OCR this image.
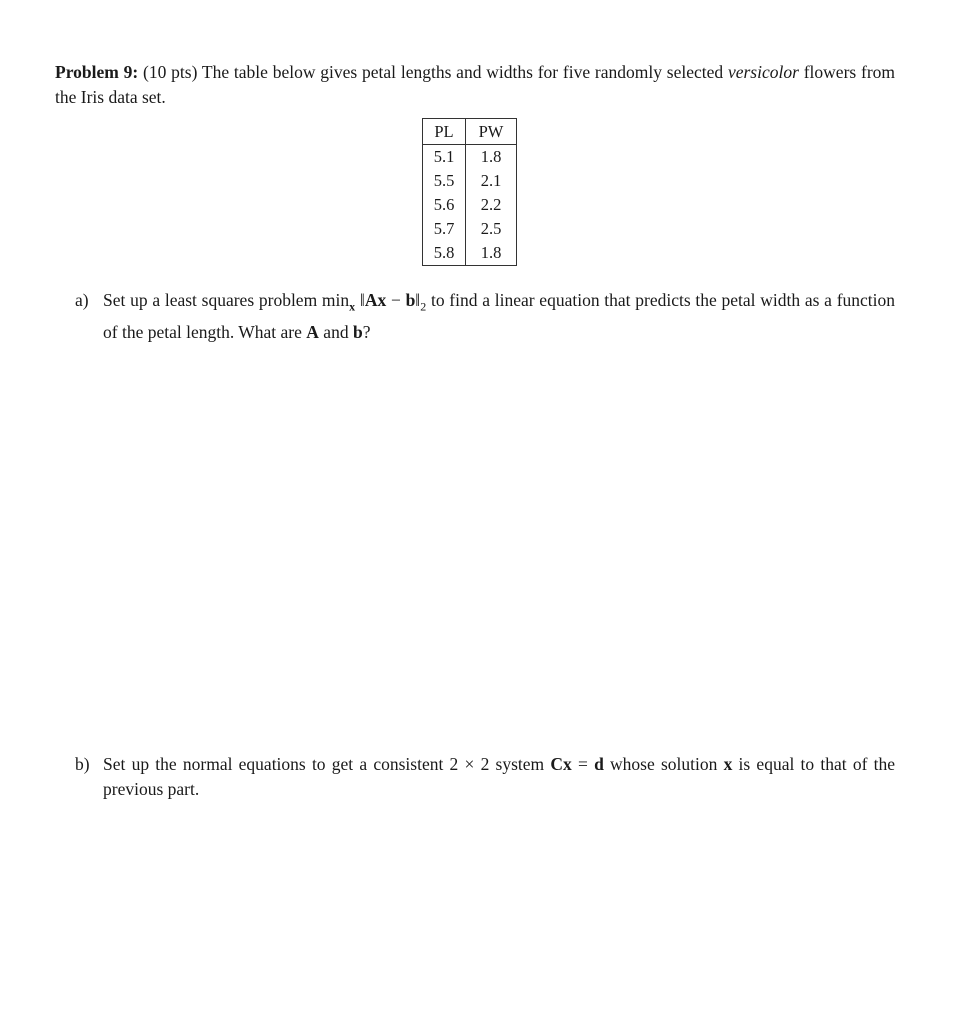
Problem 9: (10 pts) The table below gives petal lengths and widths for five randomly selected versicolor flowers from the Iris data set.
PL	PW
5.1	1.8
5.5	2.1
5.6	2.2
5.7	2.5
5.8	1.8
a) Set up a least squares problem $\min_x$ ‖Ax − $b‖_2$ to find a linear equation that predicts the petal width as a function of the petal length. What are A and b?
b) Set up the normal equations to get a consistent 2 × 2 system Cx = d whose solution x is equal to that of the previous part.
